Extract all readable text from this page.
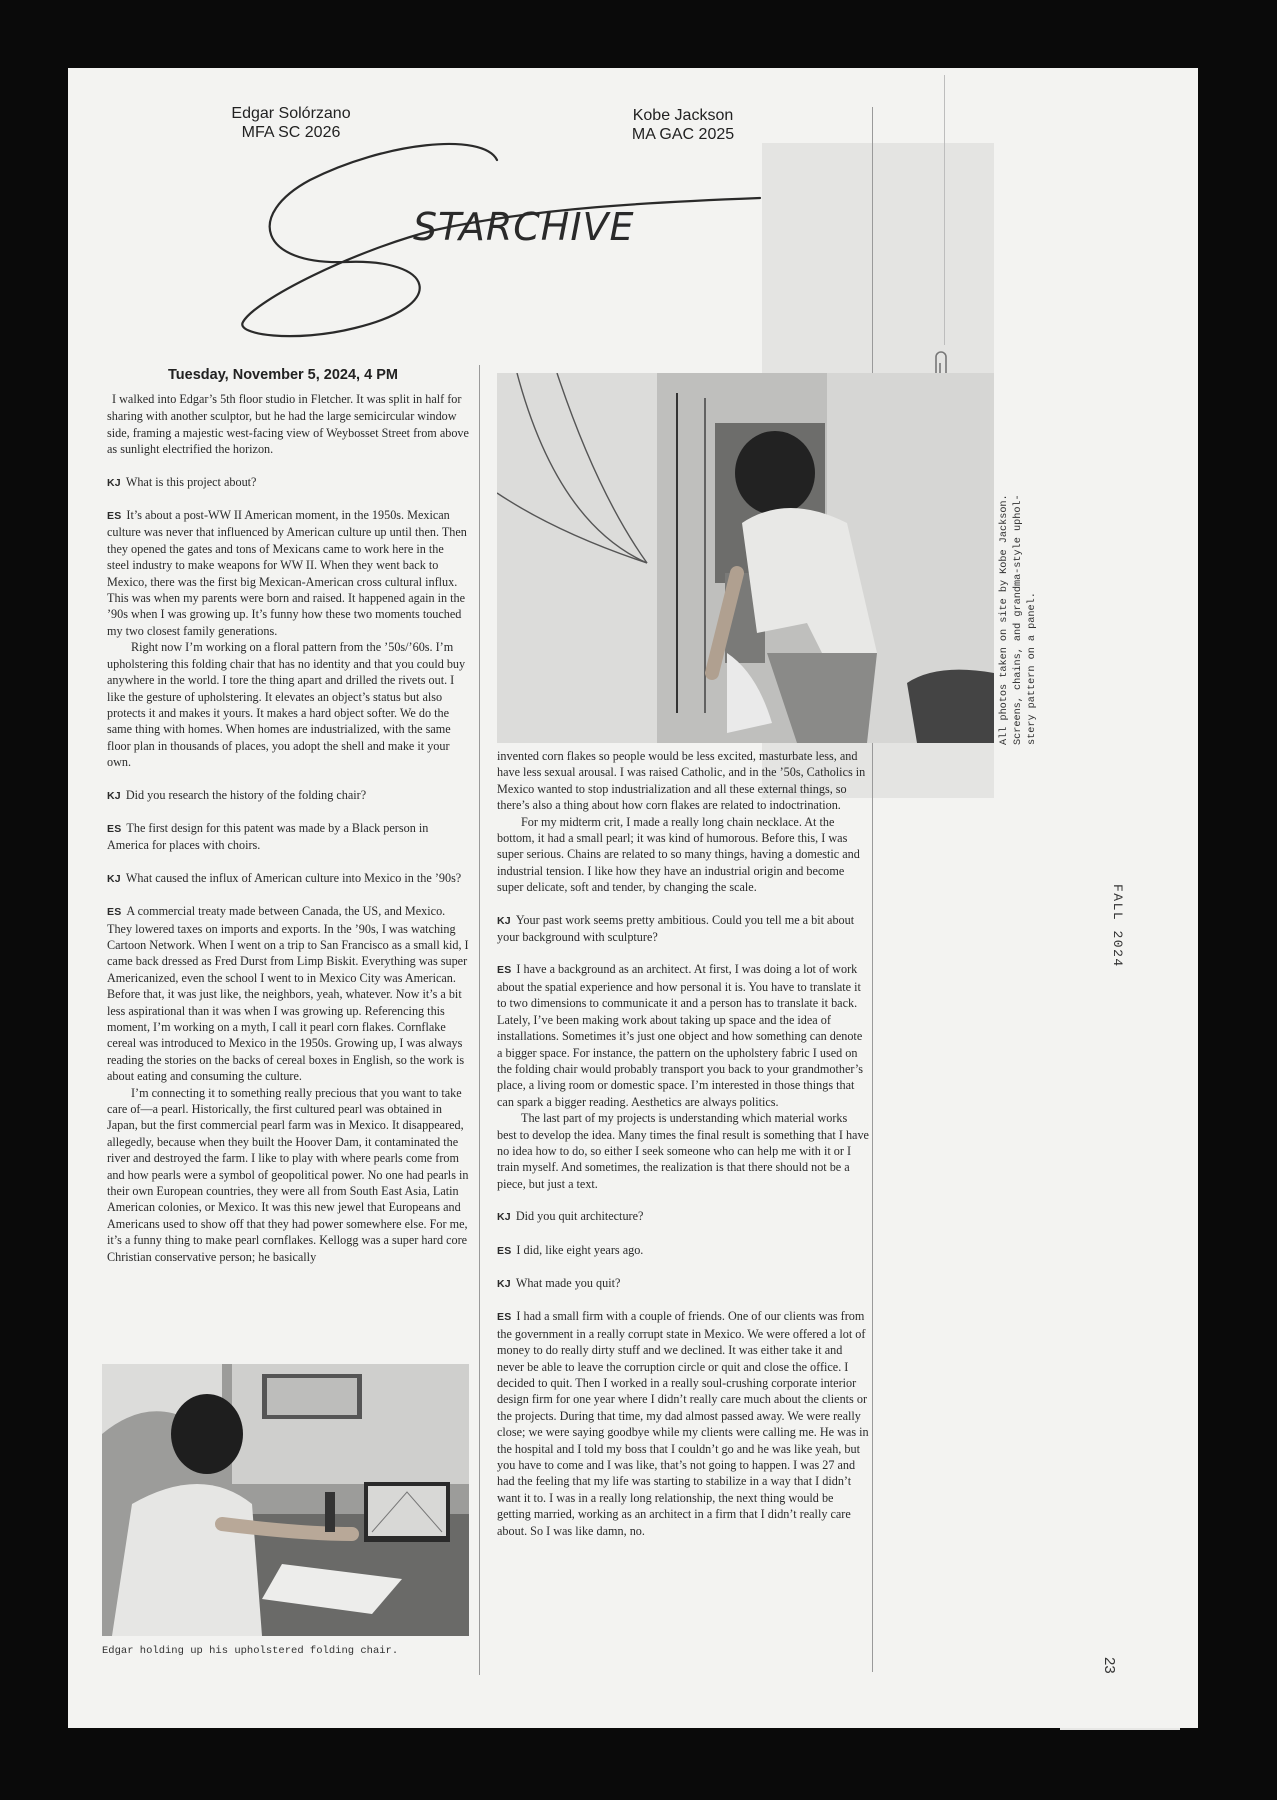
Edgar Solórzano
MFA SC 2026
Kobe Jackson
MA GAC 2025
STARCHIVE
Tuesday, November 5, 2024, 4 PM

I walked into Edgar’s 5th floor studio in Fletcher. It was split in half for sharing with another sculptor, but he had the large semicircular window side, framing a majestic west-facing view of Weybosset Street from above as sunlight electrified the horizon.

KJ What is this project about?

ES It’s about a post-WW II American moment, in the 1950s. Mexican culture was never that influenced by American culture up until then. Then they opened the gates and tons of Mexicans came to work here in the steel industry to make weapons for WW II. When they went back to Mexico, there was the first big Mexican-American cross cultural influx. This was when my parents were born and raised. It happened again in the ’90s when I was growing up. It’s funny how these two moments touched my two closest family generations.

Right now I’m working on a floral pattern from the ’50s/’60s. I’m upholstering this folding chair that has no identity and that you could buy anywhere in the world. I tore the thing apart and drilled the rivets out. I like the gesture of upholstering. It elevates an object’s status but also protects it and makes it yours. It makes a hard object softer. We do the same thing with homes. When homes are industrialized, with the same floor plan in thousands of places, you adopt the shell and make it your own.

KJ Did you research the history of the folding chair?

ES The first design for this patent was made by a Black person in America for places with choirs.

KJ What caused the influx of American culture into Mexico in the ’90s?

ES A commercial treaty made between Canada, the US, and Mexico. They lowered taxes on imports and exports. In the ’90s, I was watching Cartoon Network. When I went on a trip to San Francisco as a small kid, I came back dressed as Fred Durst from Limp Biskit. Everything was super Americanized, even the school I went to in Mexico City was American. Before that, it was just like, the neighbors, yeah, whatever. Now it’s a bit less aspirational than it was when I was growing up. Referencing this moment, I’m working on a myth, I call it pearl corn flakes. Cornflake cereal was introduced to Mexico in the 1950s. Growing up, I was always reading the stories on the backs of cereal boxes in English, so the work is about eating and consuming the culture.

I’m connecting it to something really precious that you want to take care of—a pearl. Historically, the first cultured pearl was obtained in Japan, but the first commercial pearl farm was in Mexico. It disappeared, allegedly, because when they built the Hoover Dam, it contaminated the river and destroyed the farm. I like to play with where pearls come from and how pearls were a symbol of geopolitical power. No one had pearls in their own European countries, they were all from South East Asia, Latin American colonies, or Mexico. It was this new jewel that Europeans and Americans used to show off that they had power somewhere else. For me, it’s a funny thing to make pearl cornflakes. Kellogg was a super hard core Christian conservative person; he basically

invented corn flakes so people would be less excited, masturbate less, and have less sexual arousal. I was raised Catholic, and in the ’50s, Catholics in Mexico wanted to stop industrialization and all these external things, so there’s also a thing about how corn flakes are related to indoctrination.

For my midterm crit, I made a really long chain necklace. At the bottom, it had a small pearl; it was kind of humorous. Before this, I was super serious. Chains are related to so many things, having a domestic and industrial tension. I like how they have an industrial origin and become super delicate, soft and tender, by changing the scale.

KJ Your past work seems pretty ambitious. Could you tell me a bit about your background with sculpture?

ES I have a background as an architect. At first, I was doing a lot of work about the spatial experience and how personal it is. You have to translate it to two dimensions to communicate it and a person has to translate it back. Lately, I’ve been making work about taking up space and the idea of installations. Sometimes it’s just one object and how something can denote a bigger space. For instance, the pattern on the upholstery fabric I used on the folding chair would probably transport you back to your grandmother’s place, a living room or domestic space. I’m interested in those things that can spark a bigger reading. Aesthetics are always politics.

The last part of my projects is understanding which material works best to develop the idea. Many times the final result is something that I have no idea how to do, so either I seek someone who can help me with it or I train myself. And sometimes, the realization is that there should not be a piece, but just a text.

KJ Did you quit architecture?

ES I did, like eight years ago.

KJ What made you quit?

ES I had a small firm with a couple of friends. One of our clients was from the government in a really corrupt state in Mexico. We were offered a lot of money to do really dirty stuff and we declined. It was either take it and never be able to leave the corruption circle or quit and close the office. I decided to quit. Then I worked in a really soul-crushing corporate interior design firm for one year where I didn’t really care much about the clients or the projects. During that time, my dad almost passed away. We were really close; we were saying goodbye while my clients were calling me. He was in the hospital and I told my boss that I couldn’t go and he was like yeah, but you have to come and I was like, that’s not going to happen. I was 27 and had the feeling that my life was starting to stabilize in a way that I didn’t want it to. I was in a really long relationship, the next thing would be getting married, working as an architect in a firm that I didn’t really care about. So I was like damn, no.

Edgar holding up his upholstered folding chair.
All photos taken on site by Kobe Jackson. Screens, chains, and grandma-style uphol- stery pattern on a panel.
FALL 2024
23
